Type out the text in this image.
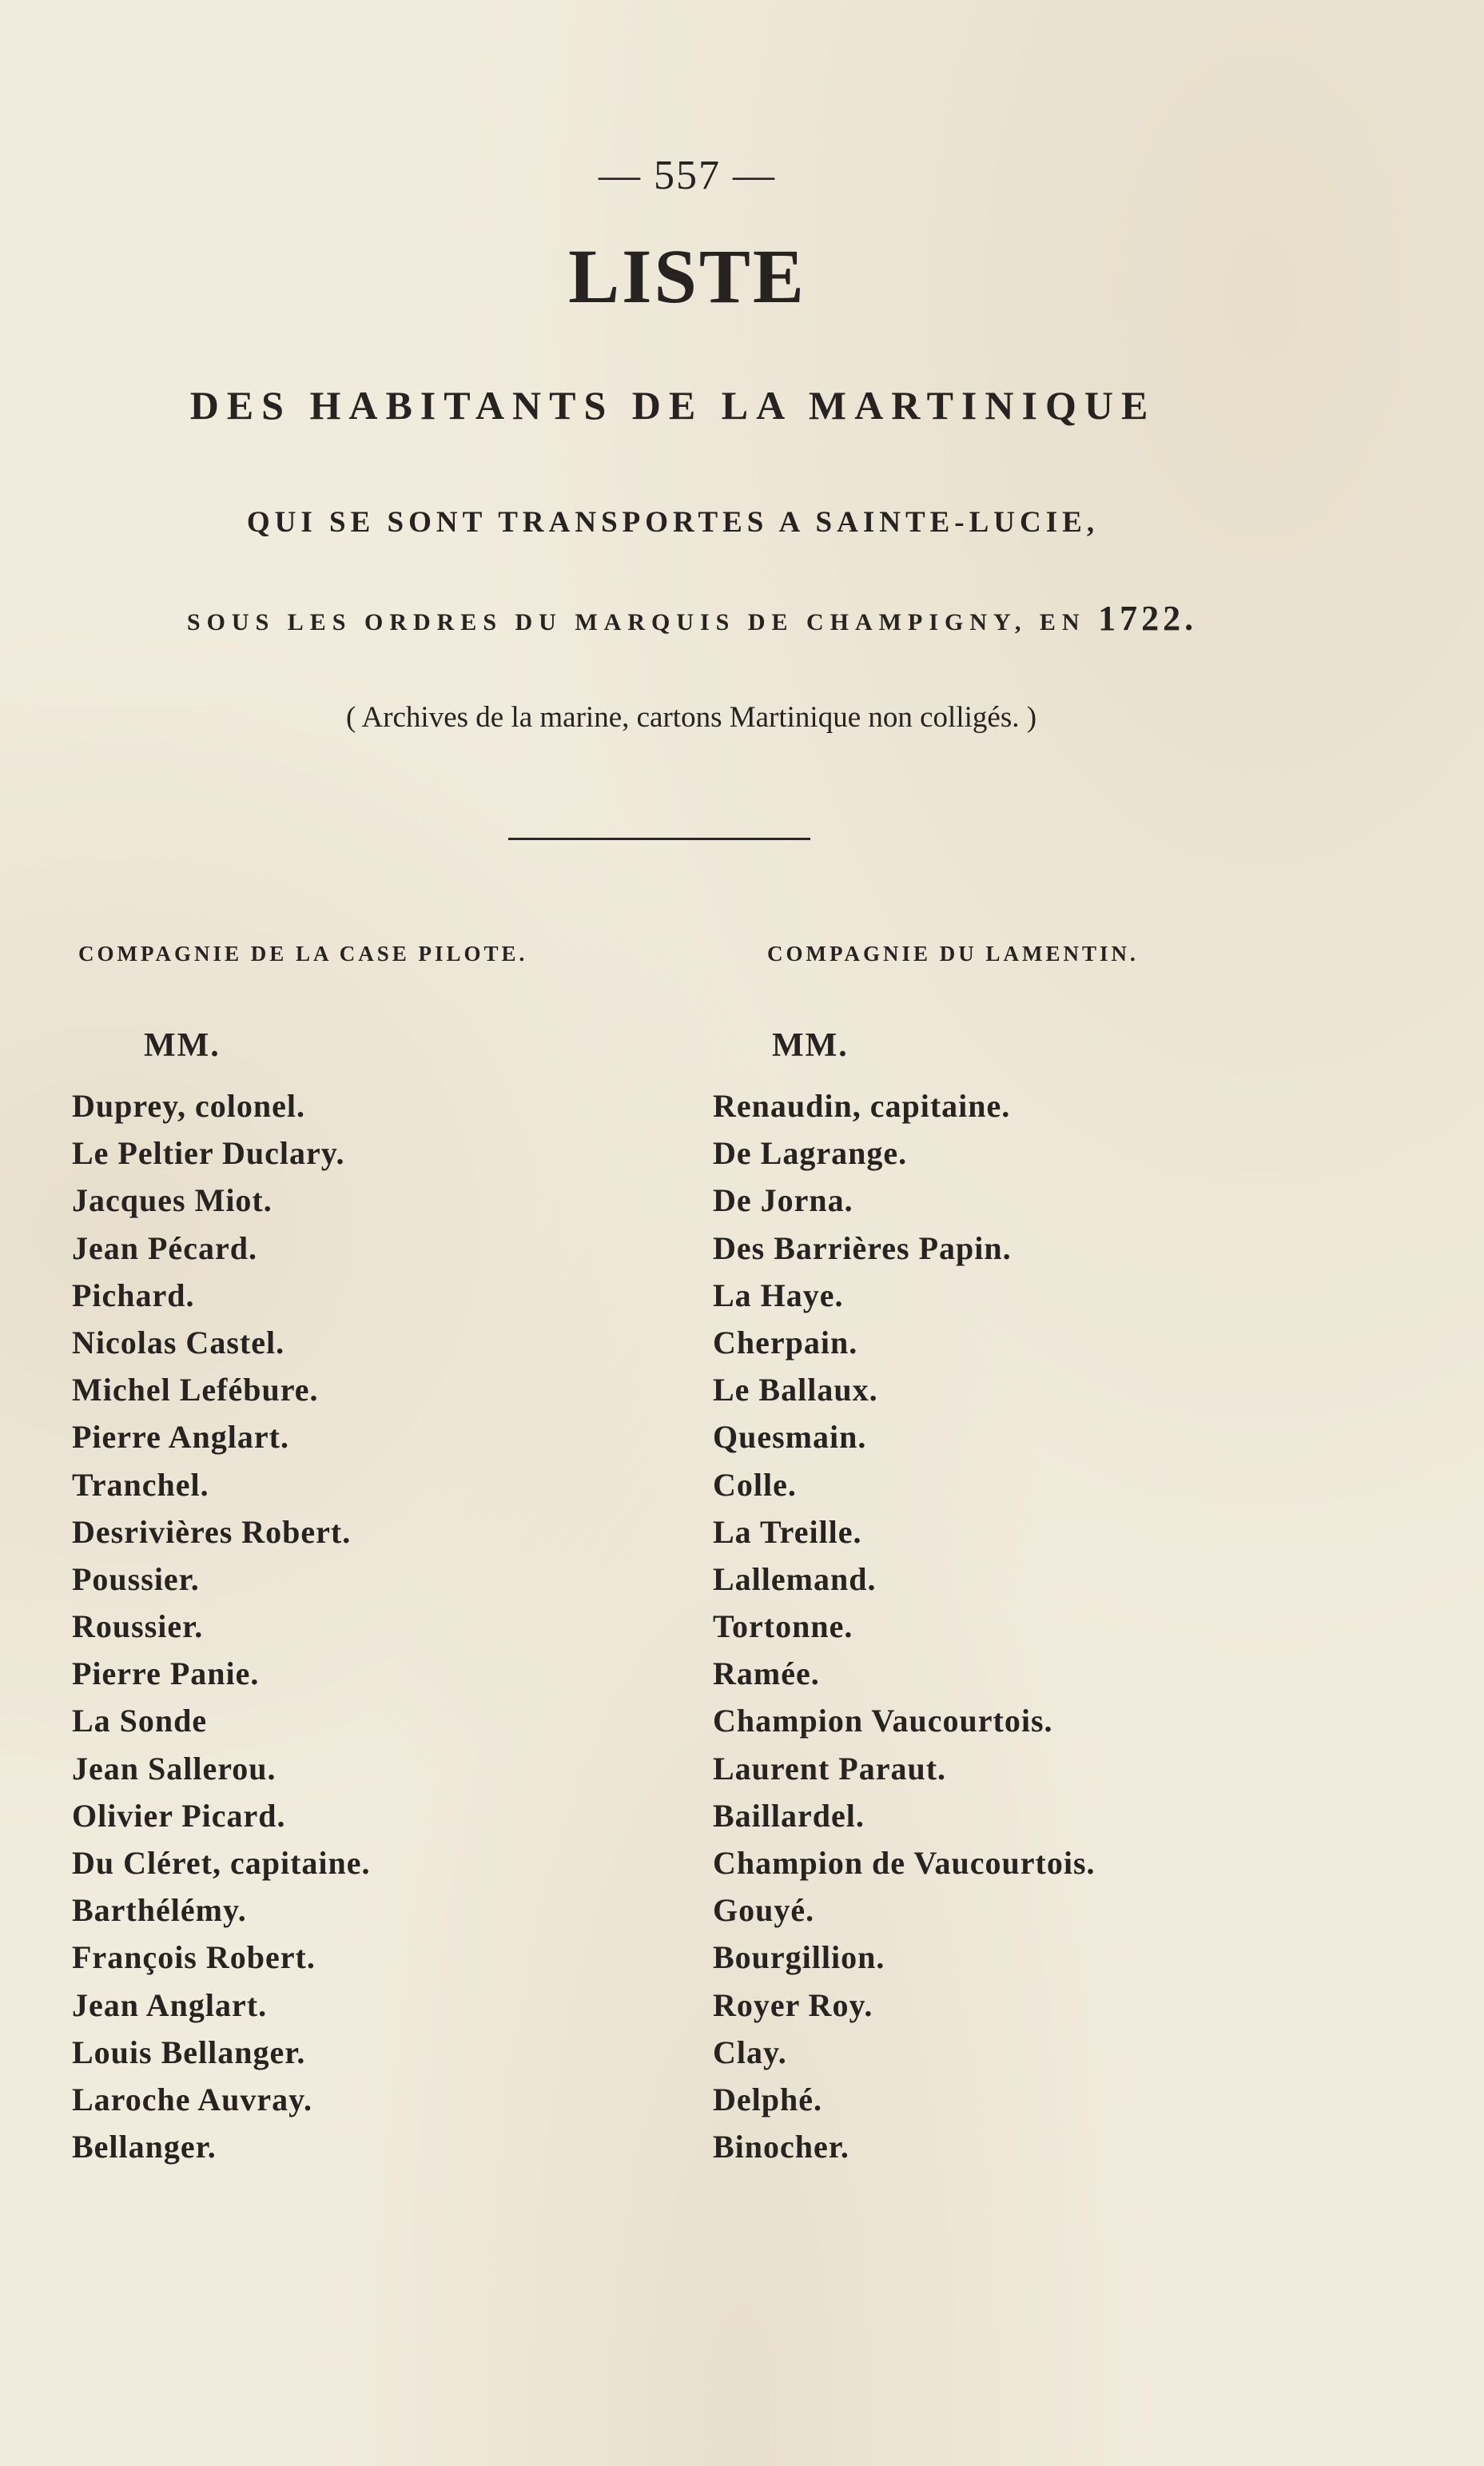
— 557 —
LISTE
DES HABITANTS DE LA MARTINIQUE
QUI SE SONT TRANSPORTES A SAINTE-LUCIE,
SOUS LES ORDRES DU MARQUIS DE CHAMPIGNY, EN 1722.
( Archives de la marine, cartons Martinique non colligés. )
COMPAGNIE DE LA CASE PILOTE.	COMPAGNIE DU LAMENTIN.
MM.	MM.
Duprey, colonel.
Le Peltier Duclary.
Jacques Miot.
Jean Pécard.
Pichard.
Nicolas Castel.
Michel Lefébure.
Pierre Anglart.
Tranchel.
Desrivières Robert.
Poussier.
Roussier.
Pierre Panie.
La Sonde
Jean Sallerou.
Olivier Picard.
Du Cléret, capitaine.
Barthélémy.
François Robert.
Jean Anglart.
Louis Bellanger.
Laroche Auvray.
Bellanger.
Renaudin, capitaine.
De Lagrange.
De Jorna.
Des Barrières Papin.
La Haye.
Cherpain.
Le Ballaux.
Quesmain.
Colle.
La Treille.
Lallemand.
Tortonne.
Ramée.
Champion Vaucourtois.
Laurent Paraut.
Baillardel.
Champion de Vaucourtois.
Gouyé.
Bourgillion.
Royer Roy.
Clay.
Delphé.
Binocher.
